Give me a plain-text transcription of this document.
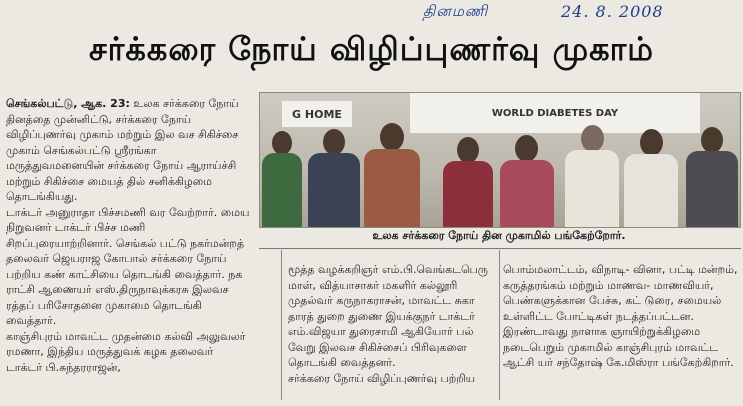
தினமணி	24. 8. 2008
சர்க்கரை நோய் விழிப்புணர்வு முகாம்

செங்கல்பட்டு, ஆக. 23: உலக சர்க்கரை நோய் தினத்தை முன்னிட்டு, சர்க்கரை நோய் விழிப்புணர்வு முகாம் மற்றும் இல வச சிகிச்சை முகாம் செங்கல்பட்டு ஸ்ரீரங்கா மருத்துவமனையின் சர்க்கரை நோய் ஆராய்ச்சி மற்றும் சிகிச்சை மையத் தில் சனிக்கிழமை தொடங்கியது.

டாக்டர் அனுராதா பிச்சமணி வர வேற்றார். மைய நிறுவனர் டாக்டர் பிச்ச மணி சிறப்புரையாற்றினார். செங்கல் பட்டு நகர்மன்றத் தலைவர் ஜெயராஜ கோபால் சர்க்கரை நோய் பற்றிய கண் காட்சியை தொடங்கி வைத்தார். நக ராட்சி ஆணையர் எஸ்.திருநாவுக்கரசு இலவச ரத்தப் பரிசோதனை முகாமை தொடங்கி வைத்தார்.

காஞ்சிபுரம் மாவட்ட முதன்மை கல்வி அலுவலர் ரமணா, இந்திய மருத்துவக் கழக தலைவர் டாக்டர் பி.சுந்தரராஜன்,

G HOME	WORLD DIABETES DAY
உலக சர்க்கரை நோய் தின முகாமில் பங்கேற்றோர்.

மூத்த வழக்கறிஞர் எம்.பி.வெங்கடபெரு மாள், வித்யாசாகர் மகளிர் கல்லூரி முதல்வர் கருநாகராசன், மாவட்ட சுகா தாரத் துறை துணை இயக்குநர் டாக்டர் எம்.விஜயா துரைசாமி ஆகியோர் பல் வேறு இலவச சிகிச்சைப் பிரிவுகளை தொடங்கி வைத்தனர்.

சர்க்கரை நோய் விழிப்புணர்வு பற்றிய

பொம்மலாட்டம், விநாடி- வினா, பட்டி மன்றம், கருத்தரங்கம் மற்றும் மாணவ- மாணவியர், பெண்களுக்கான பேச்சு, கட் டுரை, சமையல் உள்ளிட்ட போட்டிகள் நடத்தப்பட்டன. இரண்டாவது நாளாக ஞாயிற்றுக்கிழமை நடைபெறும் முகாமில் காஞ்சிபுரம் மாவட்ட ஆட்சி யர் சந்தோஷ் கே.மிஸ்ரா பங்கேற்கிறார்.
